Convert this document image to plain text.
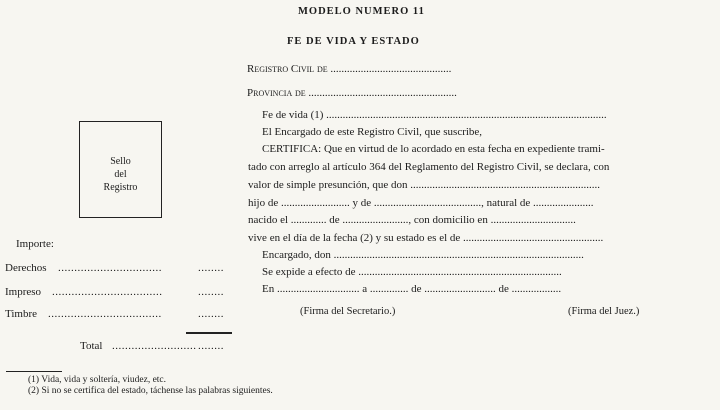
MODELO NUMERO 11
FE DE VIDA Y ESTADO
Registro Civil de ............................................
Provincia de ......................................................
Sello
del
Registro
Fe de vida (1) ......................................................................................................
El Encargado de este Registro Civil, que suscribe,
CERTIFICA: Que en virtud de lo acordado en esta fecha en expediente trami-
tado con arreglo al artículo 364 del Reglamento del Registro Civil, se declara, con
valor de simple presunción, que don .....................................................................
hijo de ......................... y de ......................................., natural de ......................
nacido el ............. de ........................, con domicilio en ...............................
vive en el día de la fecha (2) y su estado es el de ...................................................
Encargado, don ...........................................................................................
Se expide a efecto de ..........................................................................
En .............................. a .............. de .......................... de ..................
Importe:
Derechos ................................	........
Impreso ..................................	........
Timbre ...................................	........
Total .......................... ........
(Firma del Secretario.)	(Firma del Juez.)
(1) Vida, vida y soltería, viudez, etc.
(2) Si no se certifica del estado, táchense las palabras siguientes.
